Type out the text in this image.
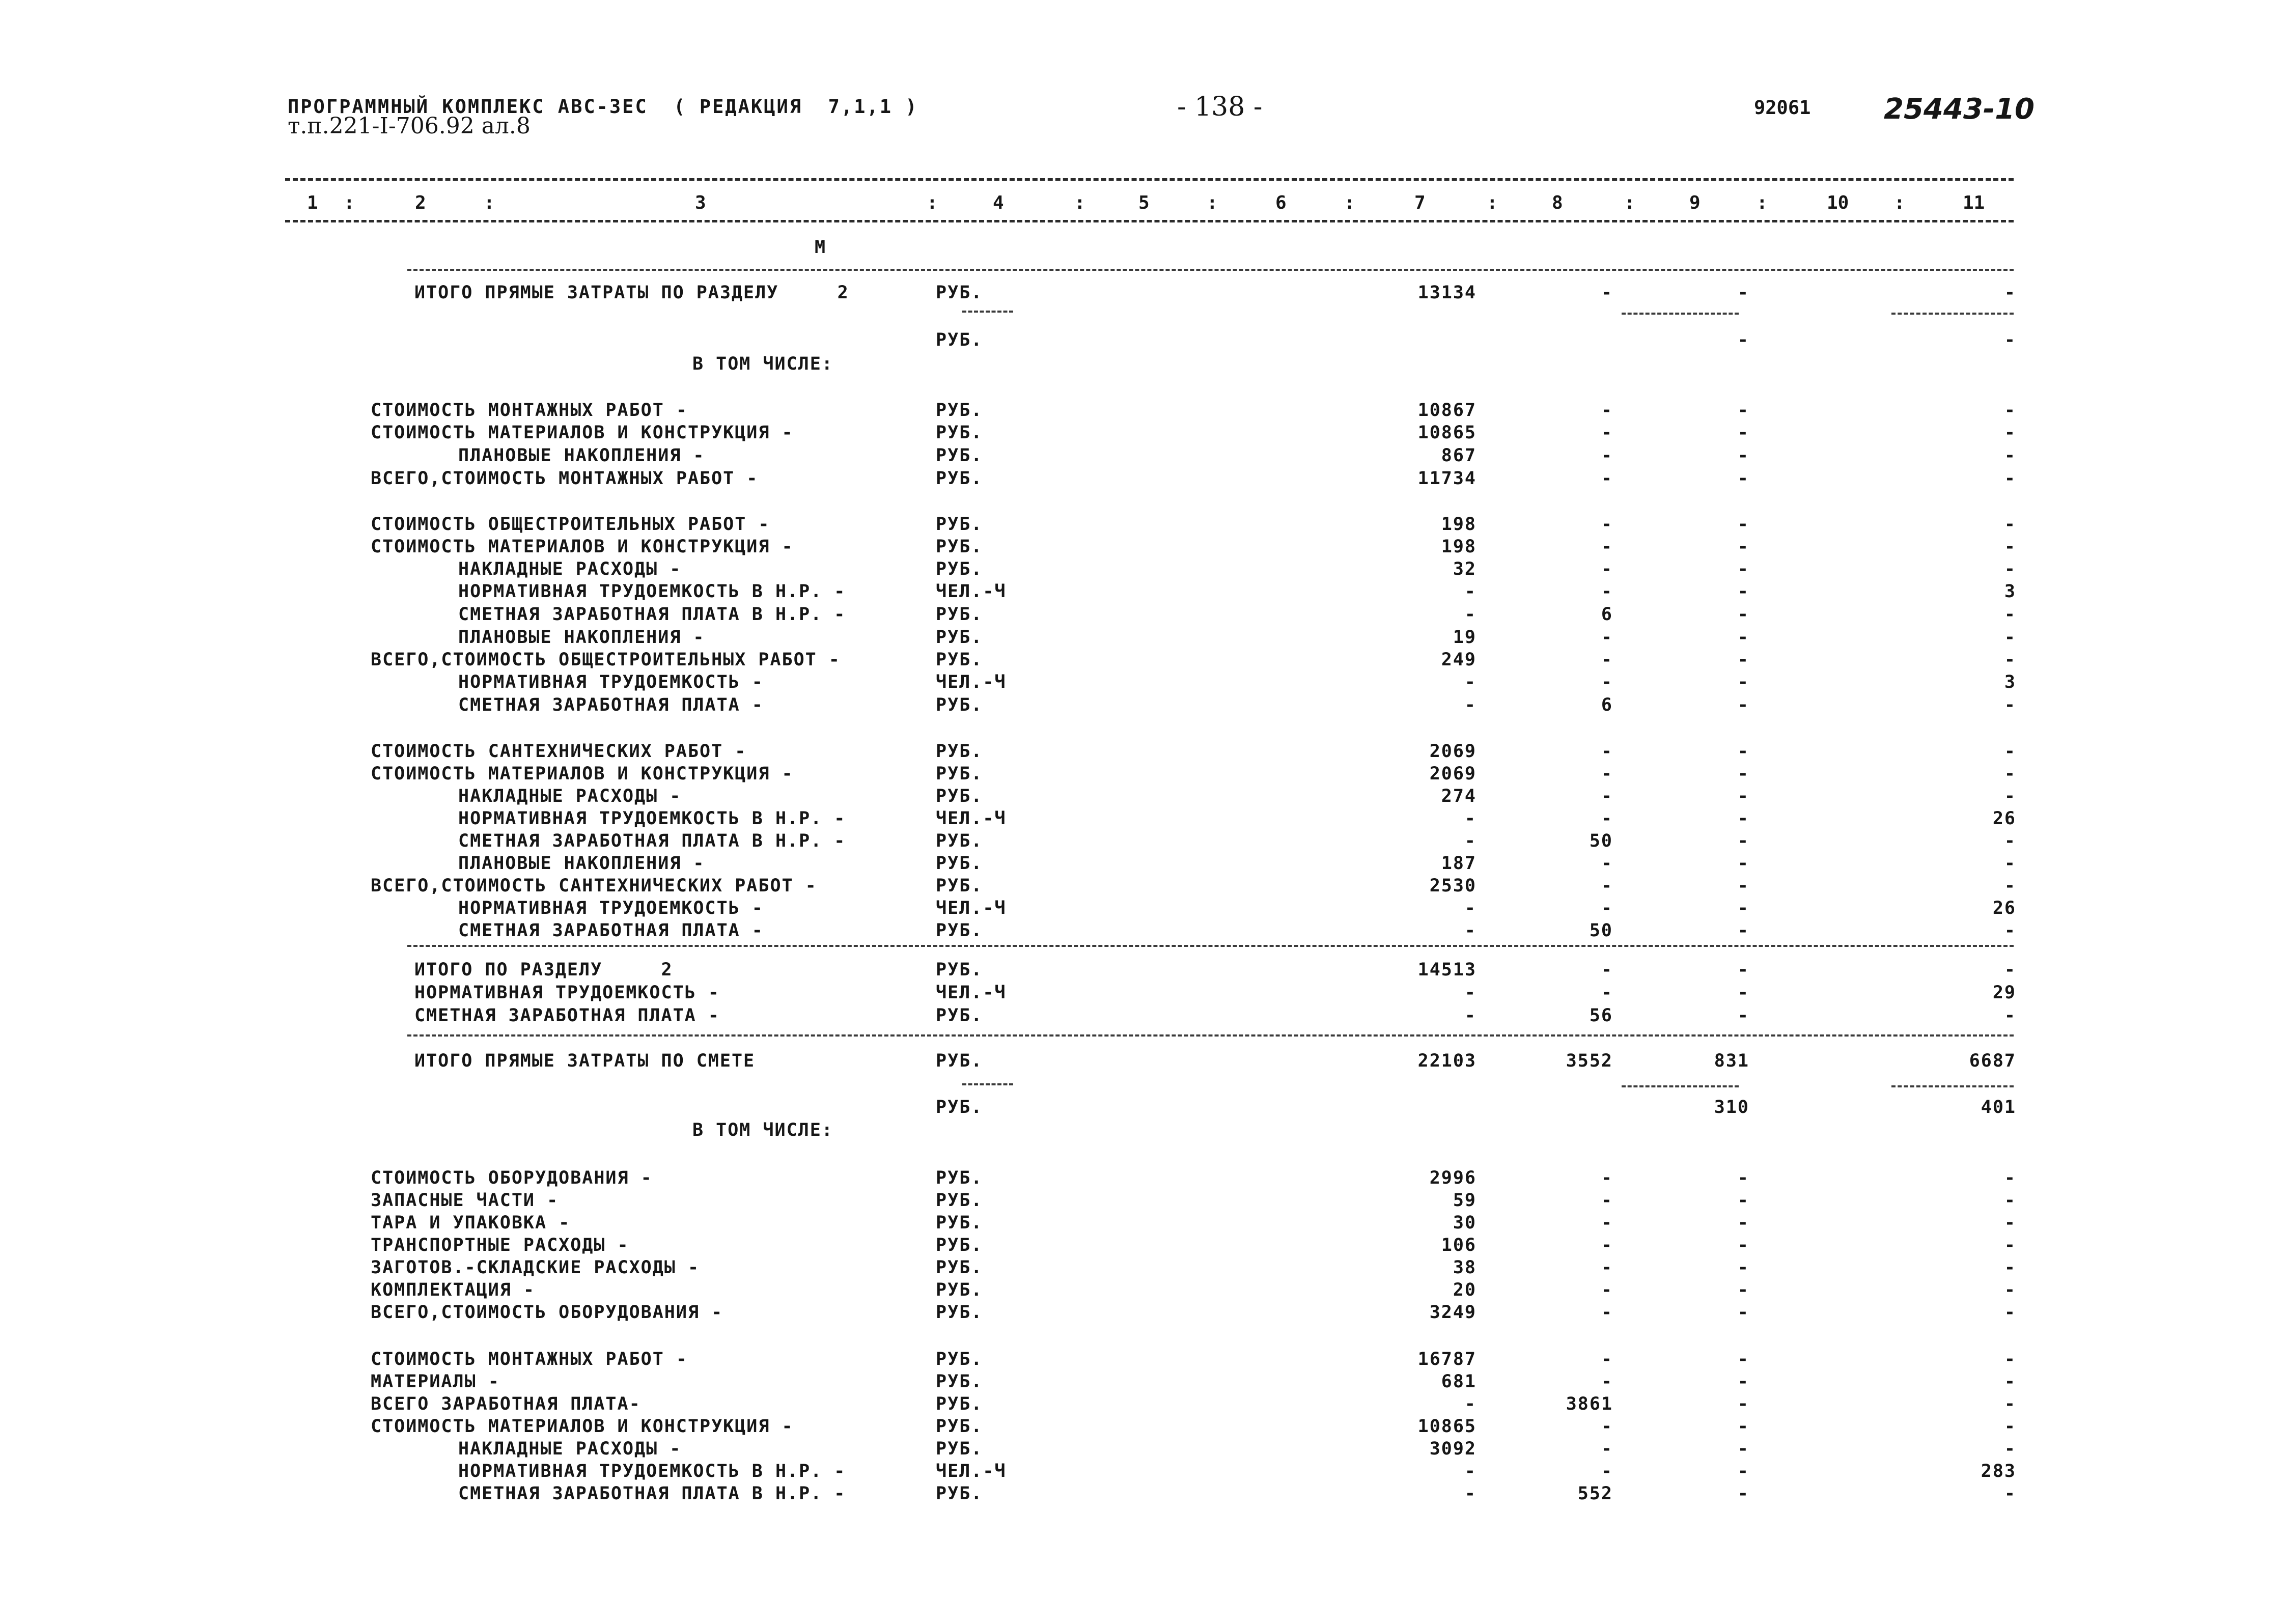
ПРОГРАММНЫЙ КОМПЛЕКС АВС-3ЕС  ( РЕДАКЦИЯ  7,1,1 )
т.п.221-I-706.92 ал.8
- 138 -	92061	25443-10
1	2	3	4	5	6	7	8	9	10	11
:	:	:	:	:	:	:	:	:	:
М
ИТОГО ПРЯМЫЕ ЗАТРАТЫ ПО РАЗДЕЛУ     2	РУБ.	13134	-	-	-
РУБ.	-	-
В ТОМ ЧИСЛЕ:
СТОИМОСТЬ МОНТАЖНЫХ РАБОТ -	РУБ.	10867	-	-	-
СТОИМОСТЬ МАТЕРИАЛОВ И КОНСТРУКЦИЯ -	РУБ.	10865	-	-	-
ПЛАНОВЫЕ НАКОПЛЕНИЯ -	РУБ.	867	-	-	-
ВСЕГО,СТОИМОСТЬ МОНТАЖНЫХ РАБОТ -	РУБ.	11734	-	-	-
СТОИМОСТЬ ОБЩЕСТРОИТЕЛЬНЫХ РАБОТ -	РУБ.	198	-	-	-
СТОИМОСТЬ МАТЕРИАЛОВ И КОНСТРУКЦИЯ -	РУБ.	198	-	-	-
НАКЛАДНЫЕ РАСХОДЫ -	РУБ.	32	-	-	-
НОРМАТИВНАЯ ТРУДОЕМКОСТЬ В Н.Р. -	ЧЕЛ.-Ч	-	-	-	3
СМЕТНАЯ ЗАРАБОТНАЯ ПЛАТА В Н.Р. -	РУБ.	-	6	-	-
ПЛАНОВЫЕ НАКОПЛЕНИЯ -	РУБ.	19	-	-	-
ВСЕГО,СТОИМОСТЬ ОБЩЕСТРОИТЕЛЬНЫХ РАБОТ -	РУБ.	249	-	-	-
НОРМАТИВНАЯ ТРУДОЕМКОСТЬ -	ЧЕЛ.-Ч	-	-	-	3
СМЕТНАЯ ЗАРАБОТНАЯ ПЛАТА -	РУБ.	-	6	-	-
СТОИМОСТЬ САНТЕХНИЧЕСКИХ РАБОТ -	РУБ.	2069	-	-	-
СТОИМОСТЬ МАТЕРИАЛОВ И КОНСТРУКЦИЯ -	РУБ.	2069	-	-	-
НАКЛАДНЫЕ РАСХОДЫ -	РУБ.	274	-	-	-
НОРМАТИВНАЯ ТРУДОЕМКОСТЬ В Н.Р. -	ЧЕЛ.-Ч	-	-	-	26
СМЕТНАЯ ЗАРАБОТНАЯ ПЛАТА В Н.Р. -	РУБ.	-	50	-	-
ПЛАНОВЫЕ НАКОПЛЕНИЯ -	РУБ.	187	-	-	-
ВСЕГО,СТОИМОСТЬ САНТЕХНИЧЕСКИХ РАБОТ -	РУБ.	2530	-	-	-
НОРМАТИВНАЯ ТРУДОЕМКОСТЬ -	ЧЕЛ.-Ч	-	-	-	26
СМЕТНАЯ ЗАРАБОТНАЯ ПЛАТА -	РУБ.	-	50	-	-
ИТОГО ПО РАЗДЕЛУ     2	РУБ.	14513	-	-	-
НОРМАТИВНАЯ ТРУДОЕМКОСТЬ -	ЧЕЛ.-Ч	-	-	-	29
СМЕТНАЯ ЗАРАБОТНАЯ ПЛАТА -	РУБ.	-	56	-	-
ИТОГО ПРЯМЫЕ ЗАТРАТЫ ПО СМЕТЕ	РУБ.	22103	3552	831	6687
РУБ.	310	401
В ТОМ ЧИСЛЕ:
СТОИМОСТЬ ОБОРУДОВАНИЯ -	РУБ.	2996	-	-	-
ЗАПАСНЫЕ ЧАСТИ -	РУБ.	59	-	-	-
ТАРА И УПАКОВКА -	РУБ.	30	-	-	-
ТРАНСПОРТНЫЕ РАСХОДЫ -	РУБ.	106	-	-	-
ЗАГОТОВ.-СКЛАДСКИЕ РАСХОДЫ -	РУБ.	38	-	-	-
КОМПЛЕКТАЦИЯ -	РУБ.	20	-	-	-
ВСЕГО,СТОИМОСТЬ ОБОРУДОВАНИЯ -	РУБ.	3249	-	-	-
СТОИМОСТЬ МОНТАЖНЫХ РАБОТ -	РУБ.	16787	-	-	-
МАТЕРИАЛЫ -	РУБ.	681	-	-	-
ВСЕГО ЗАРАБОТНАЯ ПЛАТА-	РУБ.	-	3861	-	-
СТОИМОСТЬ МАТЕРИАЛОВ И КОНСТРУКЦИЯ -	РУБ.	10865	-	-	-
НАКЛАДНЫЕ РАСХОДЫ -	РУБ.	3092	-	-	-
НОРМАТИВНАЯ ТРУДОЕМКОСТЬ В Н.Р. -	ЧЕЛ.-Ч	-	-	-	283
СМЕТНАЯ ЗАРАБОТНАЯ ПЛАТА В Н.Р. -	РУБ.	-	552	-	-
